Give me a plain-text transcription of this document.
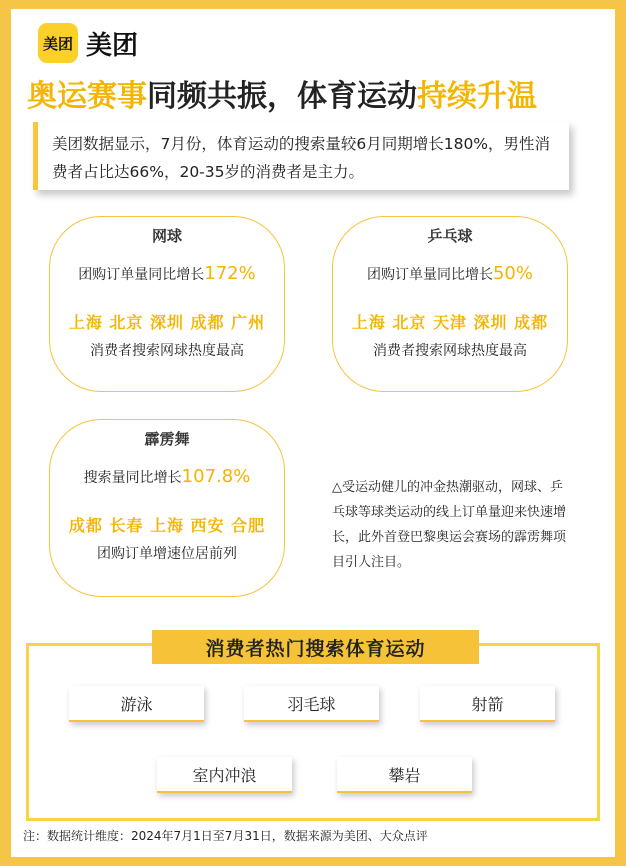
美团 美团
奥运赛事同频共振，体育运动持续升温
美团数据显示，7月份，体育运动的搜索量较6月同期增长180%，男性消费者占比达66%，20-35岁的消费者是主力。
网球
团购订单量同比增长172%
上海 北京 深圳 成都 广州
消费者搜索网球热度最高
乒乓球
团购订单量同比增长50%
上海 北京 天津 深圳 成都
消费者搜索网球热度最高
霹雳舞
搜索量同比增长107.8%
成都 长春 上海 西安 合肥
团购订单增速位居前列
△受运动健儿的冲金热潮驱动，网球、乒乓球等球类运动的线上订单量迎来快速增长，此外首登巴黎奥运会赛场的霹雳舞项目引人注目。
消费者热门搜索体育运动
游泳	羽毛球	射箭
室内冲浪	攀岩
注：数据统计维度：2024年7月1日至7月31日，数据来源为美团、大众点评
